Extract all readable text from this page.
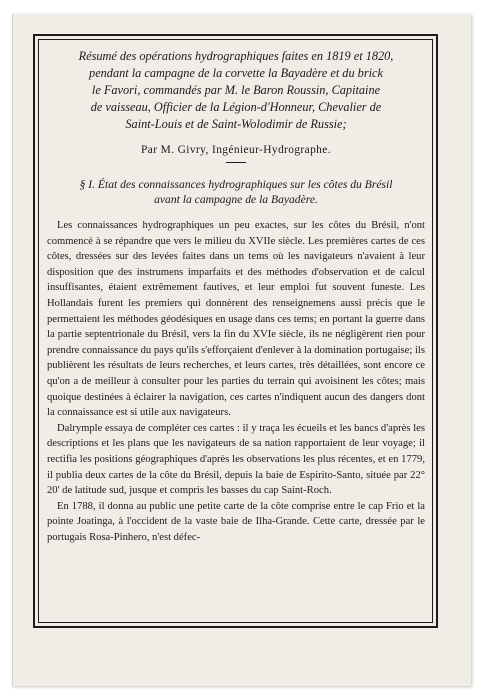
Résumé des opérations hydrographiques faites en 1819 et 1820,
pendant la campagne de la corvette la Bayadère et du brick
le Favori, commandés par M. le Baron Roussin, Capitaine
de vaisseau, Officier de la Légion-d'Honneur, Chevalier de
Saint-Louis et de Saint-Wolodimir de Russie;
Par M. Givry, Ingénieur-Hydrographe.
§ I. État des connaissances hydrographiques sur les côtes du Brésil
avant la campagne de la Bayadère.

Les connaissances hydrographiques un peu exactes, sur les côtes du Brésil, n'ont commencé à se répandre que vers le milieu du XVIIe siècle. Les premières cartes de ces côtes, dressées sur des levées faites dans un tems où les navigateurs n'avaient à leur disposition que des instrumens imparfaits et des méthodes d'observation et de calcul insuffisantes, étaient extrêmement fautives, et leur emploi fut souvent funeste. Les Hollandais furent les premiers qui donnèrent des renseignemens aussi précis que le permettaient les méthodes géodésiques en usage dans ces tems; en portant la guerre dans la partie septentrionale du Brésil, vers la fin du XVIe siècle, ils ne négligèrent rien pour prendre connaissance du pays qu'ils s'efforçaient d'enlever à la domination portugaise; ils publièrent les résultats de leurs recherches, et leurs cartes, très détaillées, sont encore ce qu'on a de meilleur à consulter pour les parties du terrain qui avoisinent les côtes; mais quoique destinées à éclairer la navigation, ces cartes n'indiquent aucun des dangers dont la connaissance est si utile aux navigateurs.

Dalrymple essaya de compléter ces cartes : il y traça les écueils et les bancs d'après les descriptions et les plans que les navigateurs de sa nation rapportaient de leur voyage; il rectifia les positions géographiques d'après les observations les plus récentes, et en 1779, il publia deux cartes de la côte du Brésil, depuis la baie de Espirito-Santo, située par 22° 20' de latitude sud, jusque et compris les basses du cap Saint-Roch.

En 1788, il donna au public une petite carte de la côte comprise entre le cap Frio et la pointe Joatinga, à l'occident de la vaste baie de Ilha-Grande. Cette carte, dressée par le portugais Rosa-Pinhero, n'est défec-
